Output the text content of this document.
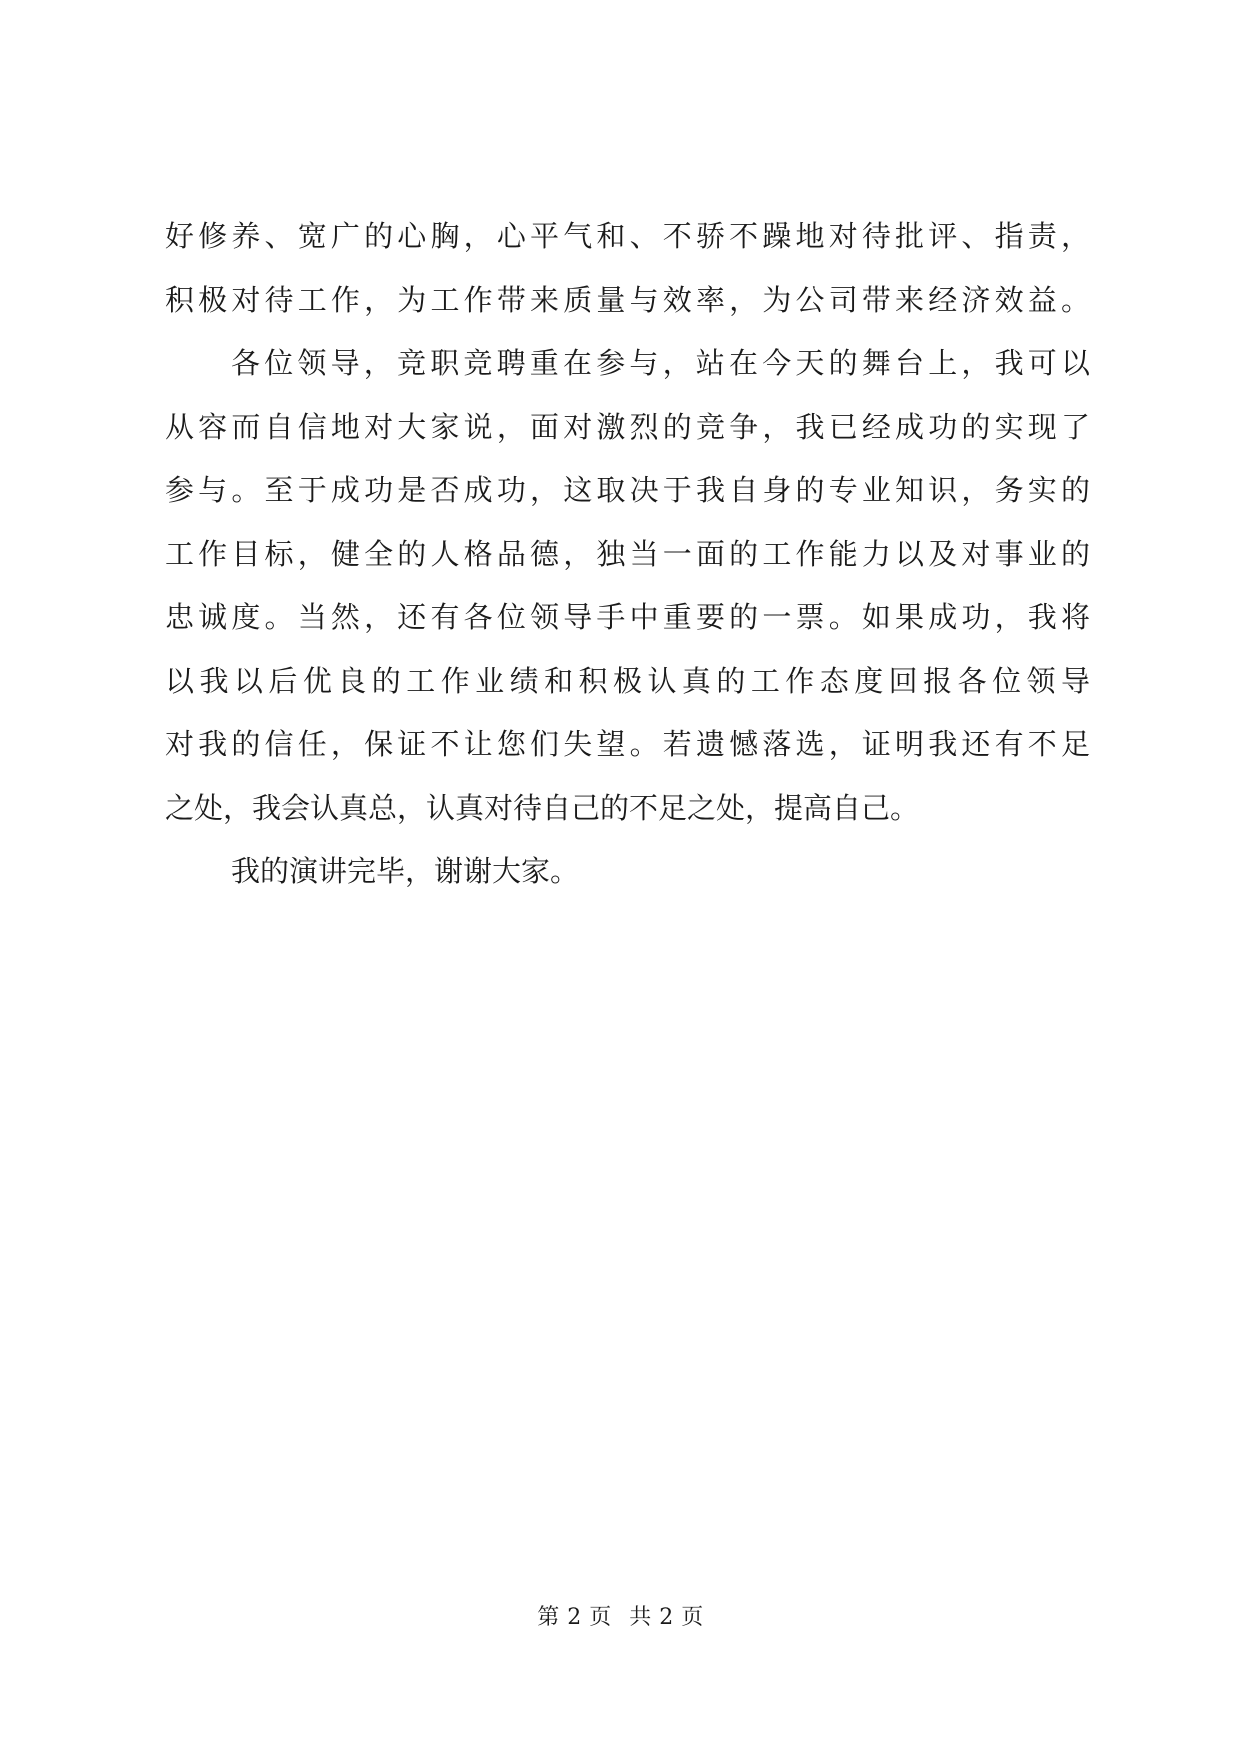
好修养、宽广的心胸，心平气和、不骄不躁地对待批评、指责，
积极对待工作，为工作带来质量与效率，为公司带来经济效益。
各位领导，竞职竞聘重在参与，站在今天的舞台上，我可以
从容而自信地对大家说，面对激烈的竞争，我已经成功的实现了
参与。至于成功是否成功，这取决于我自身的专业知识，务实的
工作目标，健全的人格品德，独当一面的工作能力以及对事业的
忠诚度。当然，还有各位领导手中重要的一票。如果成功，我将
以我以后优良的工作业绩和积极认真的工作态度回报各位领导
对我的信任，保证不让您们失望。若遗憾落选，证明我还有不足
之处，我会认真总，认真对待自己的不足之处，提高自己。
我的演讲完毕，谢谢大家。
第 2 页 共 2 页
